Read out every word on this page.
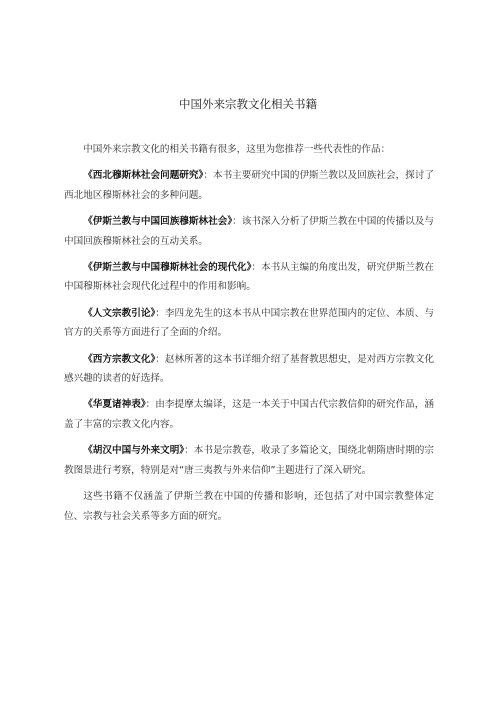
中国外来宗教文化相关书籍

中国外来宗教文化的相关书籍有很多，这里为您推荐一些代表性的作品：

《西北穆斯林社会问题研究》：本书主要研究中国的伊斯兰教以及回族社会，探讨了西北地区穆斯林社会的多种问题。

《伊斯兰教与中国回族穆斯林社会》：该书深入分析了伊斯兰教在中国的传播以及与中国回族穆斯林社会的互动关系。

《伊斯兰教与中国穆斯林社会的现代化》：本书从主编的角度出发，研究伊斯兰教在中国穆斯林社会现代化过程中的作用和影响。

《人文宗教引论》：李四龙先生的这本书从中国宗教在世界范围内的定位、本质、与官方的关系等方面进行了全面的介绍。

《西方宗教文化》：赵林所著的这本书详细介绍了基督教思想史，是对西方宗教文化感兴趣的读者的好选择。

《华夏诸神表》：由李提摩太编译，这是一本关于中国古代宗教信仰的研究作品，涵盖了丰富的宗教文化内容。

《胡汉中国与外来文明》：本书是宗教卷，收录了多篇论文，围绕北朝隋唐时期的宗教图景进行考察，特别是对“唐三夷教与外来信仰”主题进行了深入研究。

这些书籍不仅涵盖了伊斯兰教在中国的传播和影响，还包括了对中国宗教整体定位、宗教与社会关系等多方面的研究。
